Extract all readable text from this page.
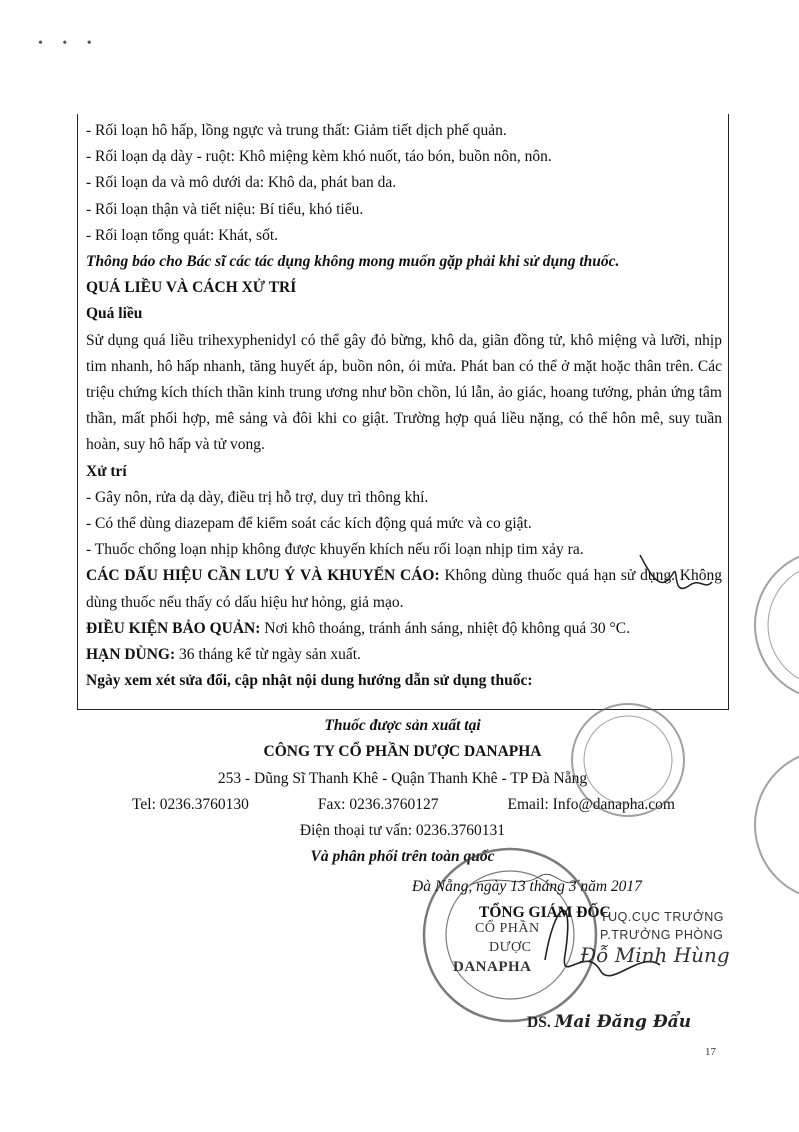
• • •

- Rối loạn hô hấp, lồng ngực và trung thất: Giảm tiết dịch phế quản.

- Rối loạn dạ dày - ruột: Khô miệng kèm khó nuốt, táo bón, buồn nôn, nôn.

- Rối loạn da và mô dưới da: Khô da, phát ban da.

- Rối loạn thận và tiết niệu: Bí tiểu, khó tiểu.

- Rối loạn tổng quát: Khát, sốt.

Thông báo cho Bác sĩ các tác dụng không mong muốn gặp phải khi sử dụng thuốc.

QUÁ LIỀU VÀ CÁCH XỬ TRÍ

Quá liều

Sử dụng quá liều trihexyphenidyl có thể gây đỏ bừng, khô da, giãn đồng tử, khô miệng và lưỡi, nhịp tim nhanh, hô hấp nhanh, tăng huyết áp, buồn nôn, ói mửa. Phát ban có thể ở mặt hoặc thân trên. Các triệu chứng kích thích thần kinh trung ương như bồn chồn, lú lẫn, ảo giác, hoang tưởng, phản ứng tâm thần, mất phối hợp, mê sảng và đôi khi co giật. Trường hợp quá liều nặng, có thể hôn mê, suy tuần hoàn, suy hô hấp và tử vong.

Xử trí

- Gây nôn, rửa dạ dày, điều trị hỗ trợ, duy trì thông khí.

- Có thể dùng diazepam để kiểm soát các kích động quá mức và co giật.

- Thuốc chống loạn nhịp không được khuyến khích nếu rối loạn nhịp tim xảy ra.

CÁC DẤU HIỆU CẦN LƯU Ý VÀ KHUYẾN CÁO: Không dùng thuốc quá hạn sử dụng. Không dùng thuốc nếu thấy có dấu hiệu hư hỏng, giả mạo.

ĐIỀU KIỆN BẢO QUẢN: Nơi khô thoáng, tránh ánh sáng, nhiệt độ không quá 30 °C.

HẠN DÙNG: 36 tháng kể từ ngày sản xuất.

Ngày xem xét sửa đổi, cập nhật nội dung hướng dẫn sử dụng thuốc:

Thuốc được sản xuất tại

CÔNG TY CỔ PHẦN DƯỢC DANAPHA

253 - Dũng Sĩ Thanh Khê - Quận Thanh Khê - TP Đà Nẵng

Tel: 0236.3760130	Fax: 0236.3760127	Email: Info@danapha.com

Điện thoại tư vấn: 0236.3760131

Và phân phối trên toàn quốc

CỔ PHẦN
DƯỢC
DANAPHA
Đà Nẵng, ngày 13 tháng 3 năm 2017
TỔNG GIÁM ĐỐC
TUQ.CỤC TRƯỞNG
P.TRƯỞNG PHÒNG
Đỗ Minh Hùng
DS. Mai Đăng Đẩu
17
